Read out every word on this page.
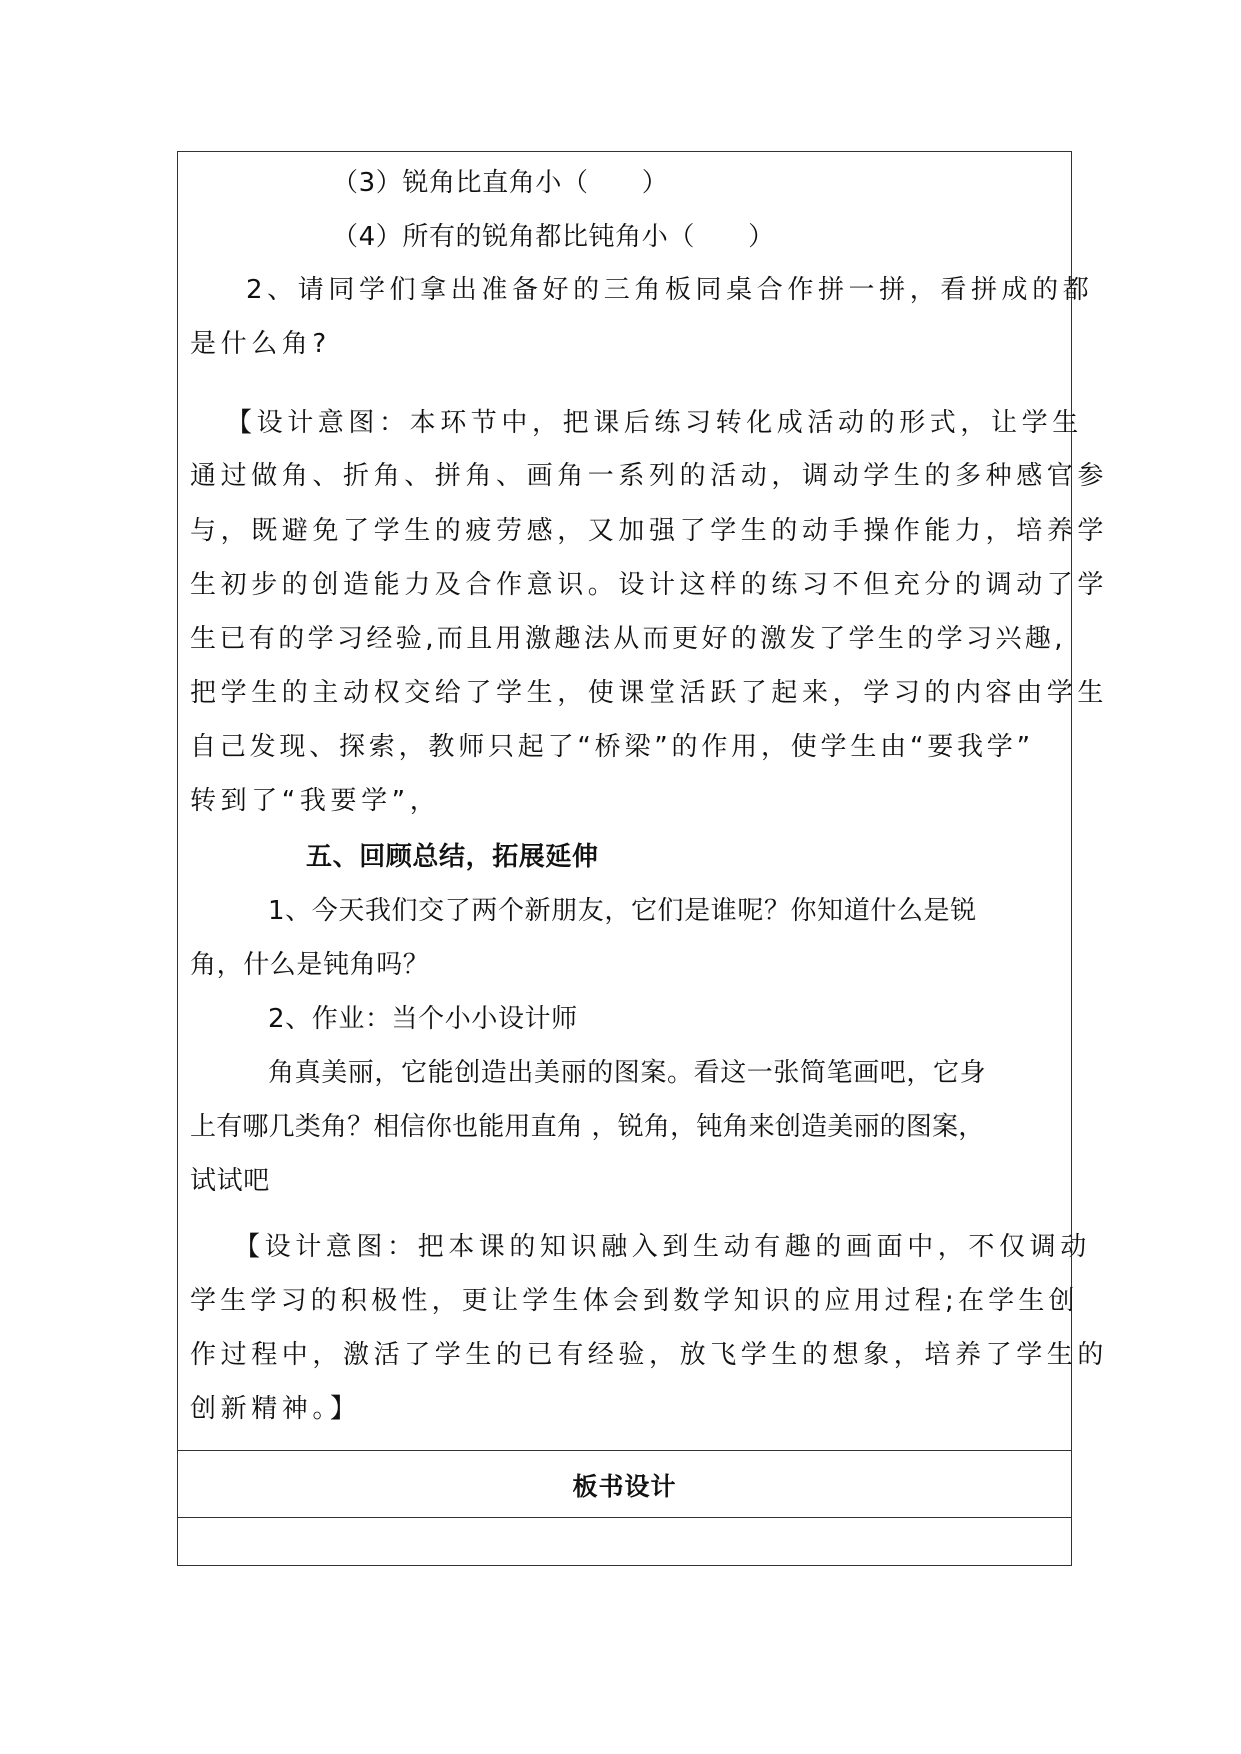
（3）锐角比直角小（　　）
（4）所有的锐角都比钝角小（　　）
2、请同学们拿出准备好的三角板同桌合作拼一拼，看拼成的都
是什么角?
【设计意图：本环节中，把课后练习转化成活动的形式，让学生
通过做角、折角、拼角、画角一系列的活动，调动学生的多种感官参
与，既避免了学生的疲劳感，又加强了学生的动手操作能力，培养学
生初步的创造能力及合作意识。设计这样的练习不但充分的调动了学
生已有的学习经验,而且用激趣法从而更好的激发了学生的学习兴趣,
把学生的主动权交给了学生，使课堂活跃了起来，学习的内容由学生
自己发现、探索，教师只起了“桥梁”的作用，使学生由“要我学”
转到了“我要学”，
五、回顾总结，拓展延伸
1、今天我们交了两个新朋友，它们是谁呢？你知道什么是锐
角，什么是钝角吗？
2、作业：当个小小设计师
角真美丽，它能创造出美丽的图案。看这一张简笔画吧，它身
上有哪几类角？相信你也能用直角 ，锐角，钝角来创造美丽的图案，
试试吧
【设计意图：把本课的知识融入到生动有趣的画面中，不仅调动
学生学习的积极性，更让学生体会到数学知识的应用过程;在学生创
作过程中，激活了学生的已有经验，放飞学生的想象，培养了学生的
创新精神。】
板书设计
